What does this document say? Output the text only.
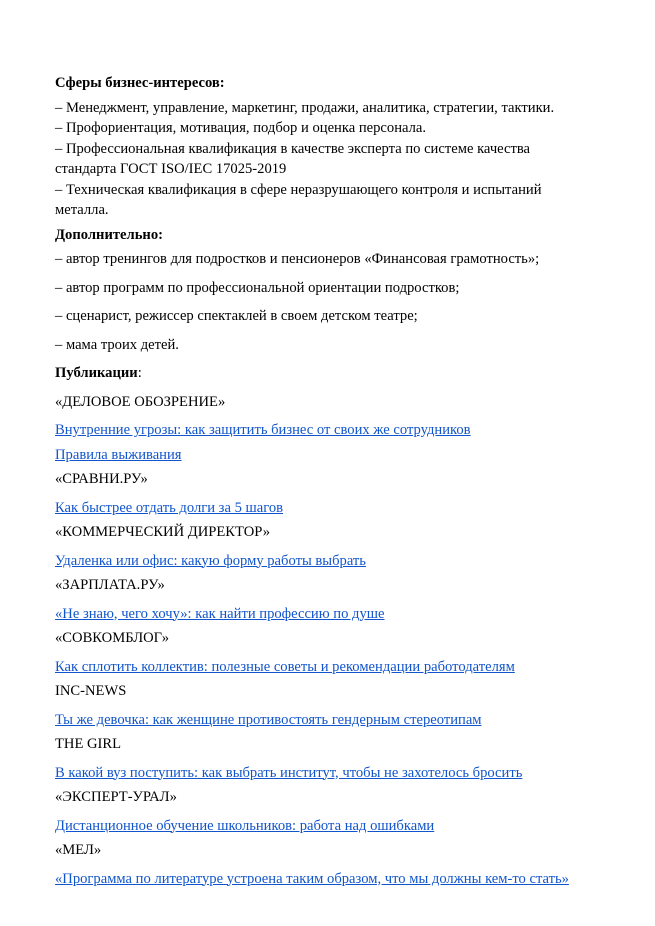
Сферы бизнес-интересов:
– Менеджмент, управление, маркетинг, продажи, аналитика, стратегии, тактики.
– Профориентация, мотивация, подбор и оценка персонала.
– Профессиональная квалификация в качестве эксперта по системе качества стандарта ГОСТ ISO/IEC 17025-2019
– Техническая квалификация в сфере неразрушающего контроля и испытаний металла.
Дополнительно:
– автор тренингов для подростков и пенсионеров «Финансовая грамотность»;
– автор программ по профессиональной ориентации подростков;
– сценарист, режиссер спектаклей в своем детском театре;
– мама троих детей.
Публикации:
«ДЕЛОВОЕ ОБОЗРЕНИЕ»
Внутренние угрозы: как защитить бизнес от своих же сотрудников
Правила выживания
«СРАВНИ.РУ»
Как быстрее отдать долги за 5 шагов
«КОММЕРЧЕСКИЙ ДИРЕКТОР»
Удаленка или офис: какую форму работы выбрать
«ЗАРПЛАТА.РУ»
«Не знаю, чего хочу»: как найти профессию по душе
«СОВКОМБЛОГ»
Как сплотить коллектив: полезные советы и рекомендации работодателям
INC-NEWS
Ты же девочка: как женщине противостоять гендерным стереотипам
THE GIRL
В какой вуз поступить: как выбрать институт, чтобы не захотелось бросить
«ЭКСПЕРТ-УРАЛ»
Дистанционное обучение школьников: работа над ошибками
«МЕЛ»
«Программа по литературе устроена таким образом, что мы должны кем-то стать»
